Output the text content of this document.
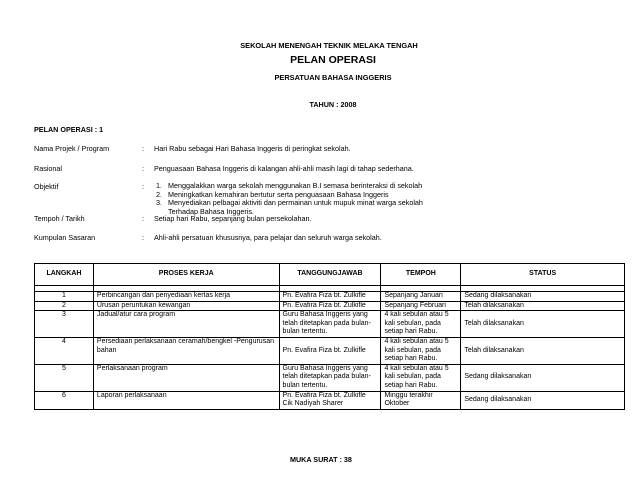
SEKOLAH MENENGAH TEKNIK MELAKA TENGAH
PELAN OPERASI
PERSATUAN BAHASA INGGERIS
TAHUN : 2008
PELAN OPERASI : 1
Nama Projek / Program	: Hari Rabu sebagai Hari Bahasa Inggeris di peringkat sekolah.
Rasional	: Penguasaan Bahasa Inggeris di kalangan ahli-ahli masih lagi di tahap sederhana.
Objektif	:	1. Menggalakkan warga sekolah menggunakan B.I semasa berinteraksi di sekolah
2. Meningkatkan kemahiran bertutur serta penguasaan Bahasa Inggeris
3. Menyediakan pelbagai aktiviti dan permainan untuk mupuk minat warga sekolah Terhadap Bahasa Inggeris.
Tempoh / Tarikh	: Setiap hari Rabu, sepanjang bulan persekolahan.
Kumpulan Sasaran	: Ahli-ahli persatuan khususnya, para pelajar dan seluruh warga sekolah.
LANGKAH	PROSES KERJA	TANGGUNGJAWAB	TEMPOH	STATUS

1	Perbincangan dan penyediaan kertas kerja	Pn. Evafira Fiza bt. Zulkifle	Sepanjang Januari	Sedang dilaksanakan
2	Urusan peruntukan kewangan	Pn. Evafira Fiza bt. Zulkifle	Sepanjang Februari	Telah dilaksanakan
3	Jadual/atur cara program	Guru Bahasa Inggeris yang telah ditetapkan pada bulan-bulan tertentu.	4 kali sebulan atau 5 kali sebulan, pada setiap hari Rabu.	Telah dilaksanakan
4	Persediaan perlaksanaan ceramah/bengkel -Pengurusan bahan	Pn. Evafira Fiza bt. Zulkifle	4 kali sebulan atau 5 kali sebulan, pada setiap hari Rabu.	Telah dilaksanakan
5	Perlaksanaan program	Guru Bahasa Inggeris yang telah ditetapkan pada bulan-bulan tertentu.	4 kali sebulan atau 5 kali sebulan, pada setiap hari Rabu.	Sedang dilaksanakan
6	Laporan perlaksanaan	Pn. Evafira Fiza bt. Zulkifle Cik Nadiyah Sharer	Minggu terakhir Oktober	Sedang dilaksanakan
MUKA SURAT : 38
